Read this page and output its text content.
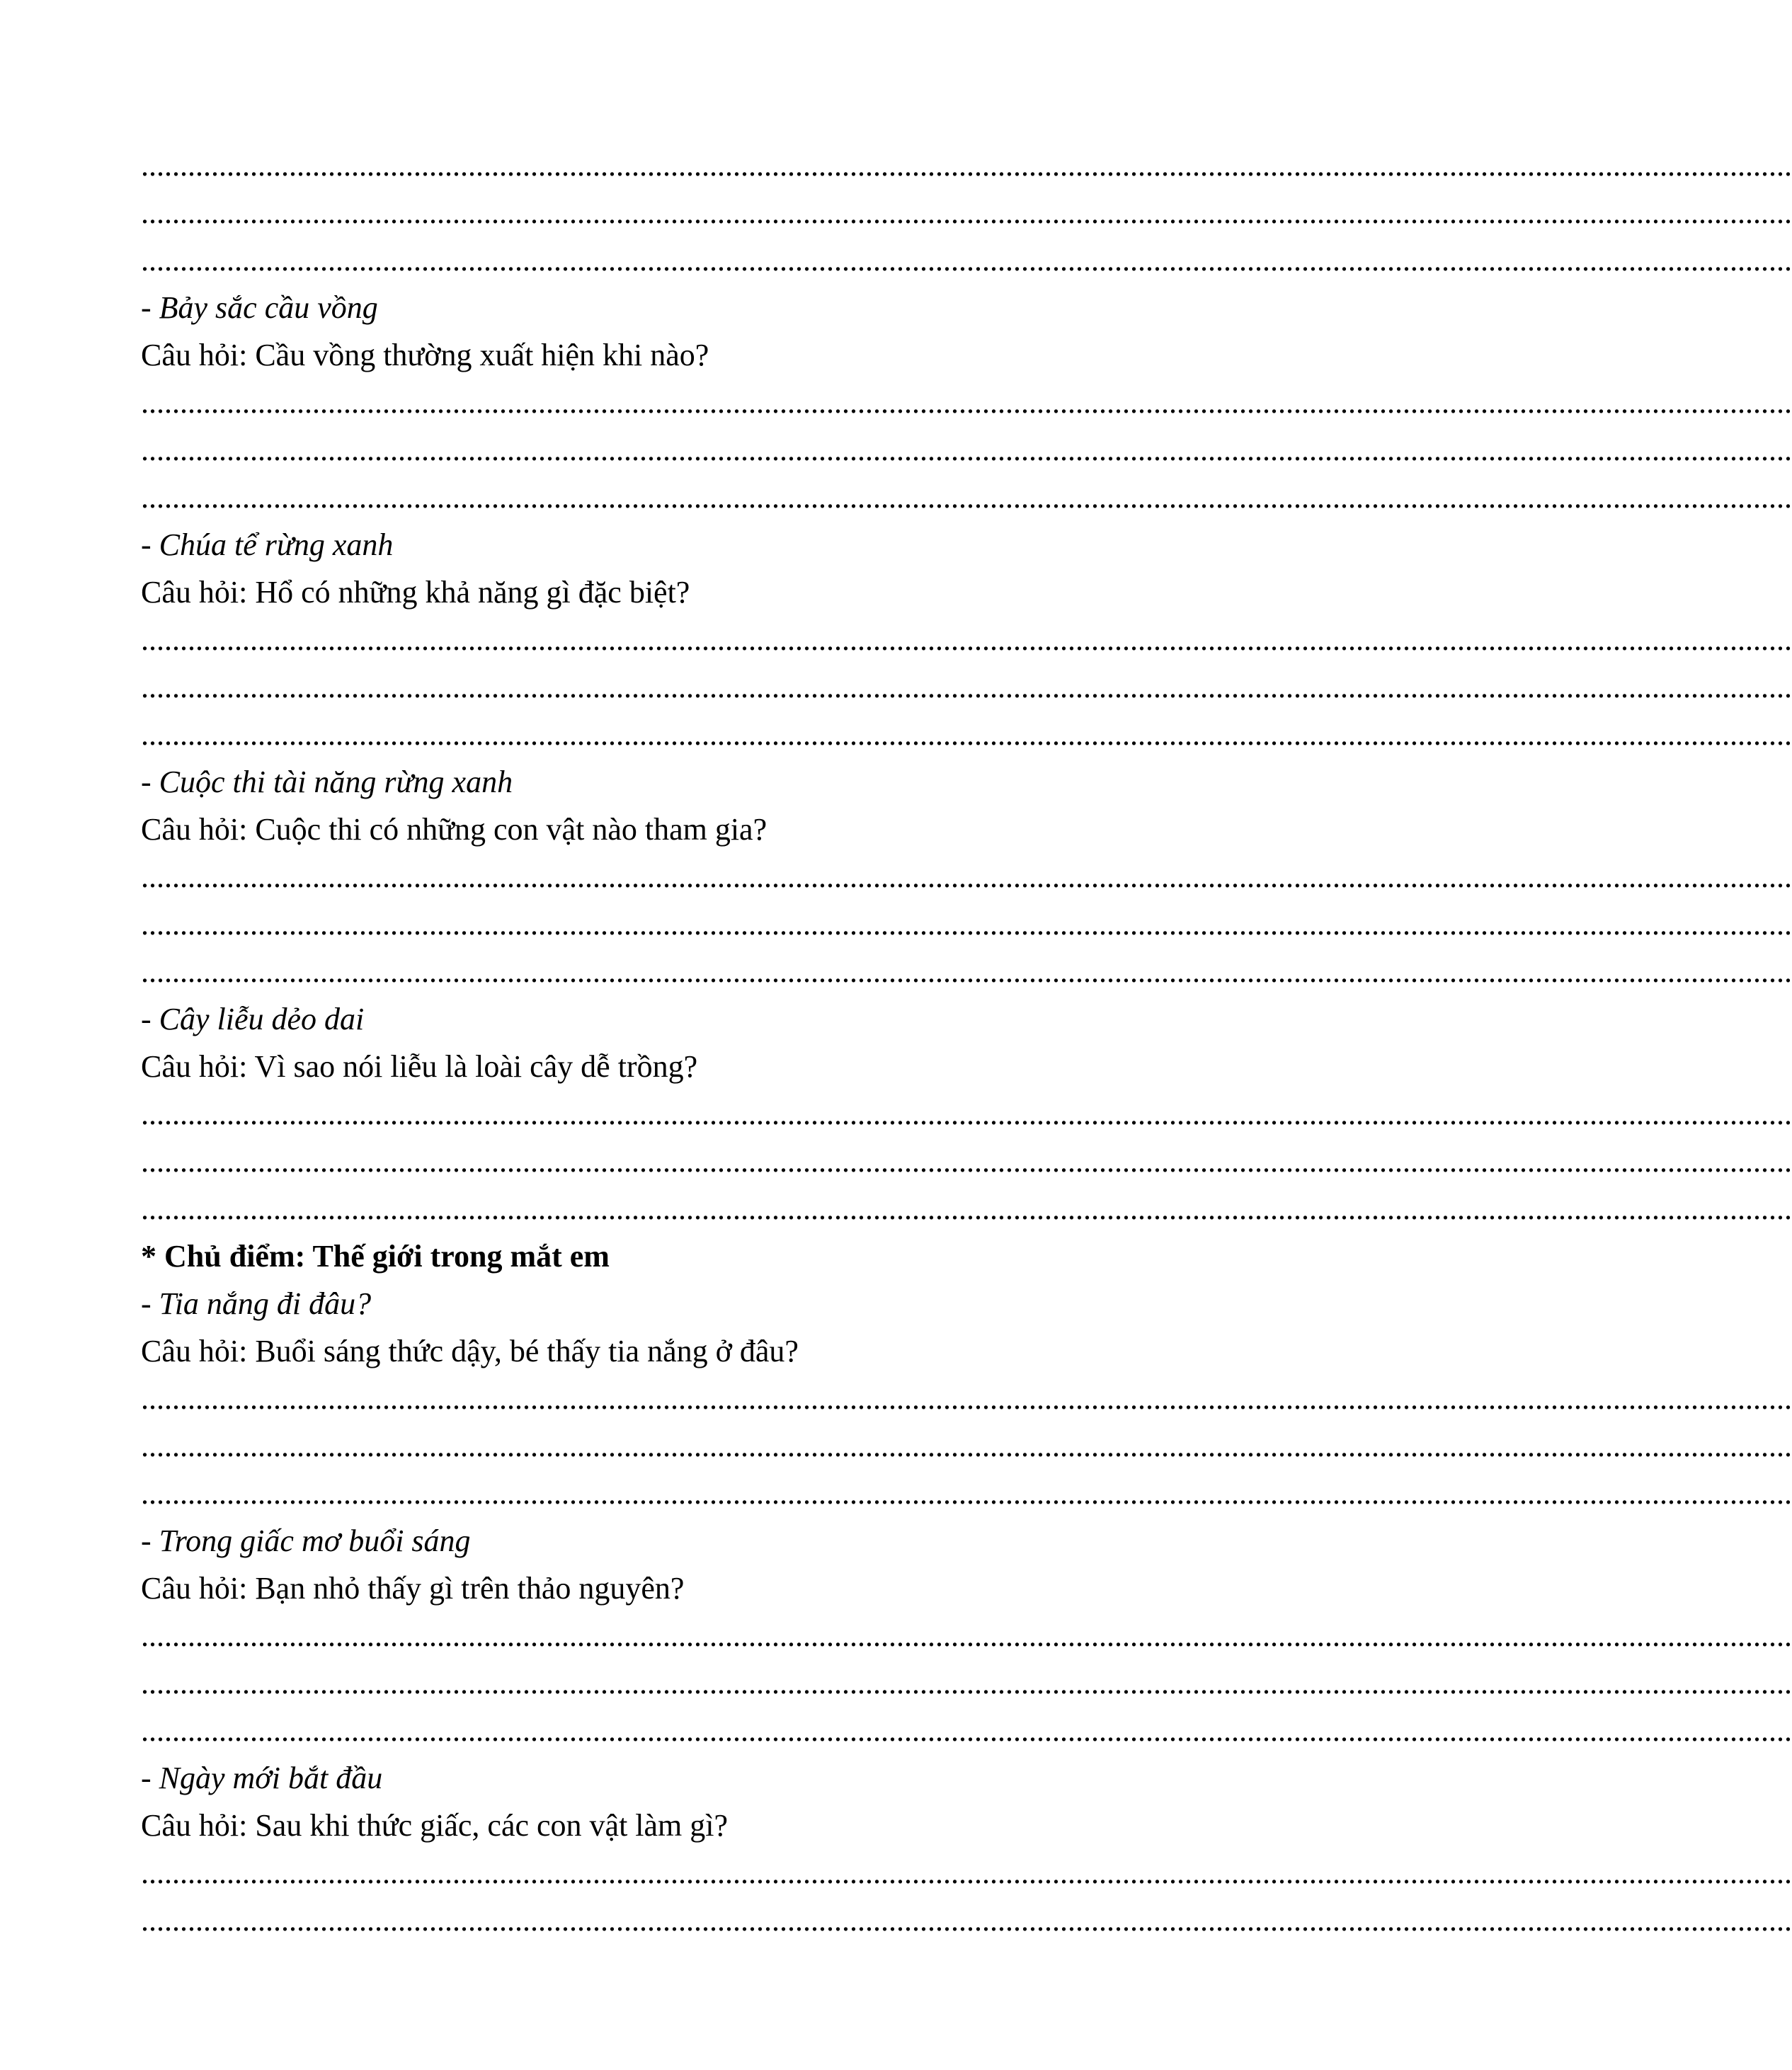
....................................................................................................................................................................................................................
....................................................................................................................................................................................................................
....................................................................................................................................................................................................................
- Bảy sắc cầu vồng
Câu hỏi: Cầu vồng thường xuất hiện khi nào?
....................................................................................................................................................................................................................
....................................................................................................................................................................................................................
....................................................................................................................................................................................................................
- Chúa tể rừng xanh
Câu hỏi: Hổ có những khả năng gì đặc biệt?
....................................................................................................................................................................................................................
....................................................................................................................................................................................................................
....................................................................................................................................................................................................................
- Cuộc thi tài năng rừng xanh
Câu hỏi: Cuộc thi có những con vật nào tham gia?
....................................................................................................................................................................................................................
....................................................................................................................................................................................................................
....................................................................................................................................................................................................................
- Cây liễu dẻo dai
Câu hỏi: Vì sao nói liễu là loài cây dễ trồng?
....................................................................................................................................................................................................................
....................................................................................................................................................................................................................
....................................................................................................................................................................................................................
* Chủ điểm: Thế giới trong mắt em
- Tia nắng đi đâu?
Câu hỏi: Buổi sáng thức dậy, bé thấy tia nắng ở đâu?
....................................................................................................................................................................................................................
....................................................................................................................................................................................................................
....................................................................................................................................................................................................................
- Trong giấc mơ buổi sáng
Câu hỏi: Bạn nhỏ thấy gì trên thảo nguyên?
....................................................................................................................................................................................................................
....................................................................................................................................................................................................................
....................................................................................................................................................................................................................
- Ngày mới bắt đầu
Câu hỏi: Sau khi thức giấc, các con vật làm gì?
....................................................................................................................................................................................................................
....................................................................................................................................................................................................................
